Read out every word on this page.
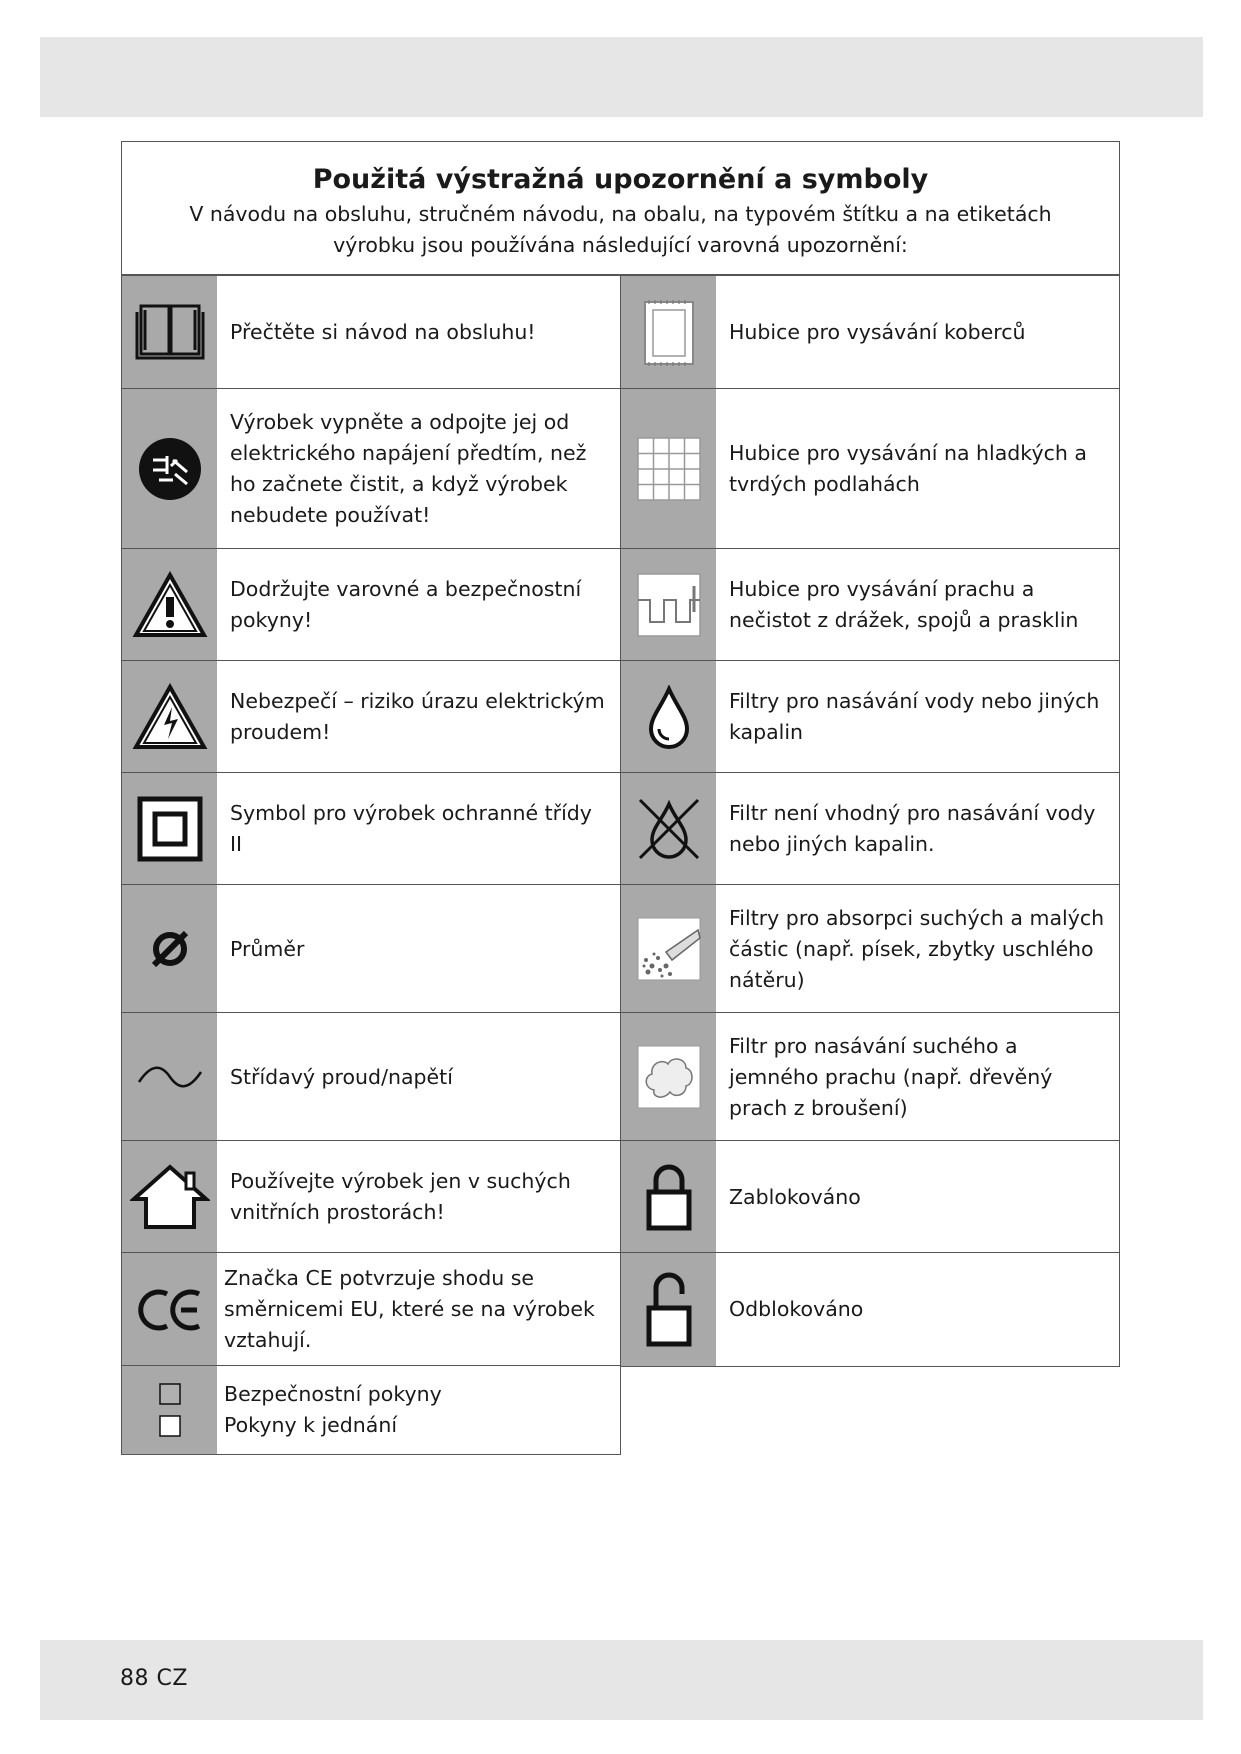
Použitá výstražná upozornění a symboly

V návodu na obsluhu, stručném návodu, na obalu, na typovém štítku a na etiketách výrobku jsou používána následující varovná upozornění:

Přečtěte si návod na obsluhu!
Výrobek vypněte a odpojte jej od elektrického napájení předtím, než ho začnete čistit, a když výrobek nebudete používat!
Dodržujte varovné a bezpečnostní pokyny!
Nebezpečí – riziko úrazu elektrickým proudem!
Symbol pro výrobek ochranné třídy II
Průměr
Střídavý proud/napětí
Používejte výrobek jen v suchých vnitřních prostorách!
Značka CE potvrzuje shodu se směrnicemi EU, které se na výrobek vztahují.
Bezpečnostní pokyny
Pokyny k jednání
Hubice pro vysávání koberců
Hubice pro vysávání na hladkých a tvrdých podlahách
Hubice pro vysávání prachu a nečistot z drážek, spojů a prasklin
Filtry pro nasávání vody nebo jiných kapalin
Filtr není vhodný pro nasávání vody nebo jiných kapalin.
Filtry pro absorpci suchých a malých částic (např. písek, zbytky uschlého nátěru)
Filtr pro nasávání suchého a jemného prachu (např. dřevěný prach z broušení)
Zablokováno
Odblokováno
88 CZ
